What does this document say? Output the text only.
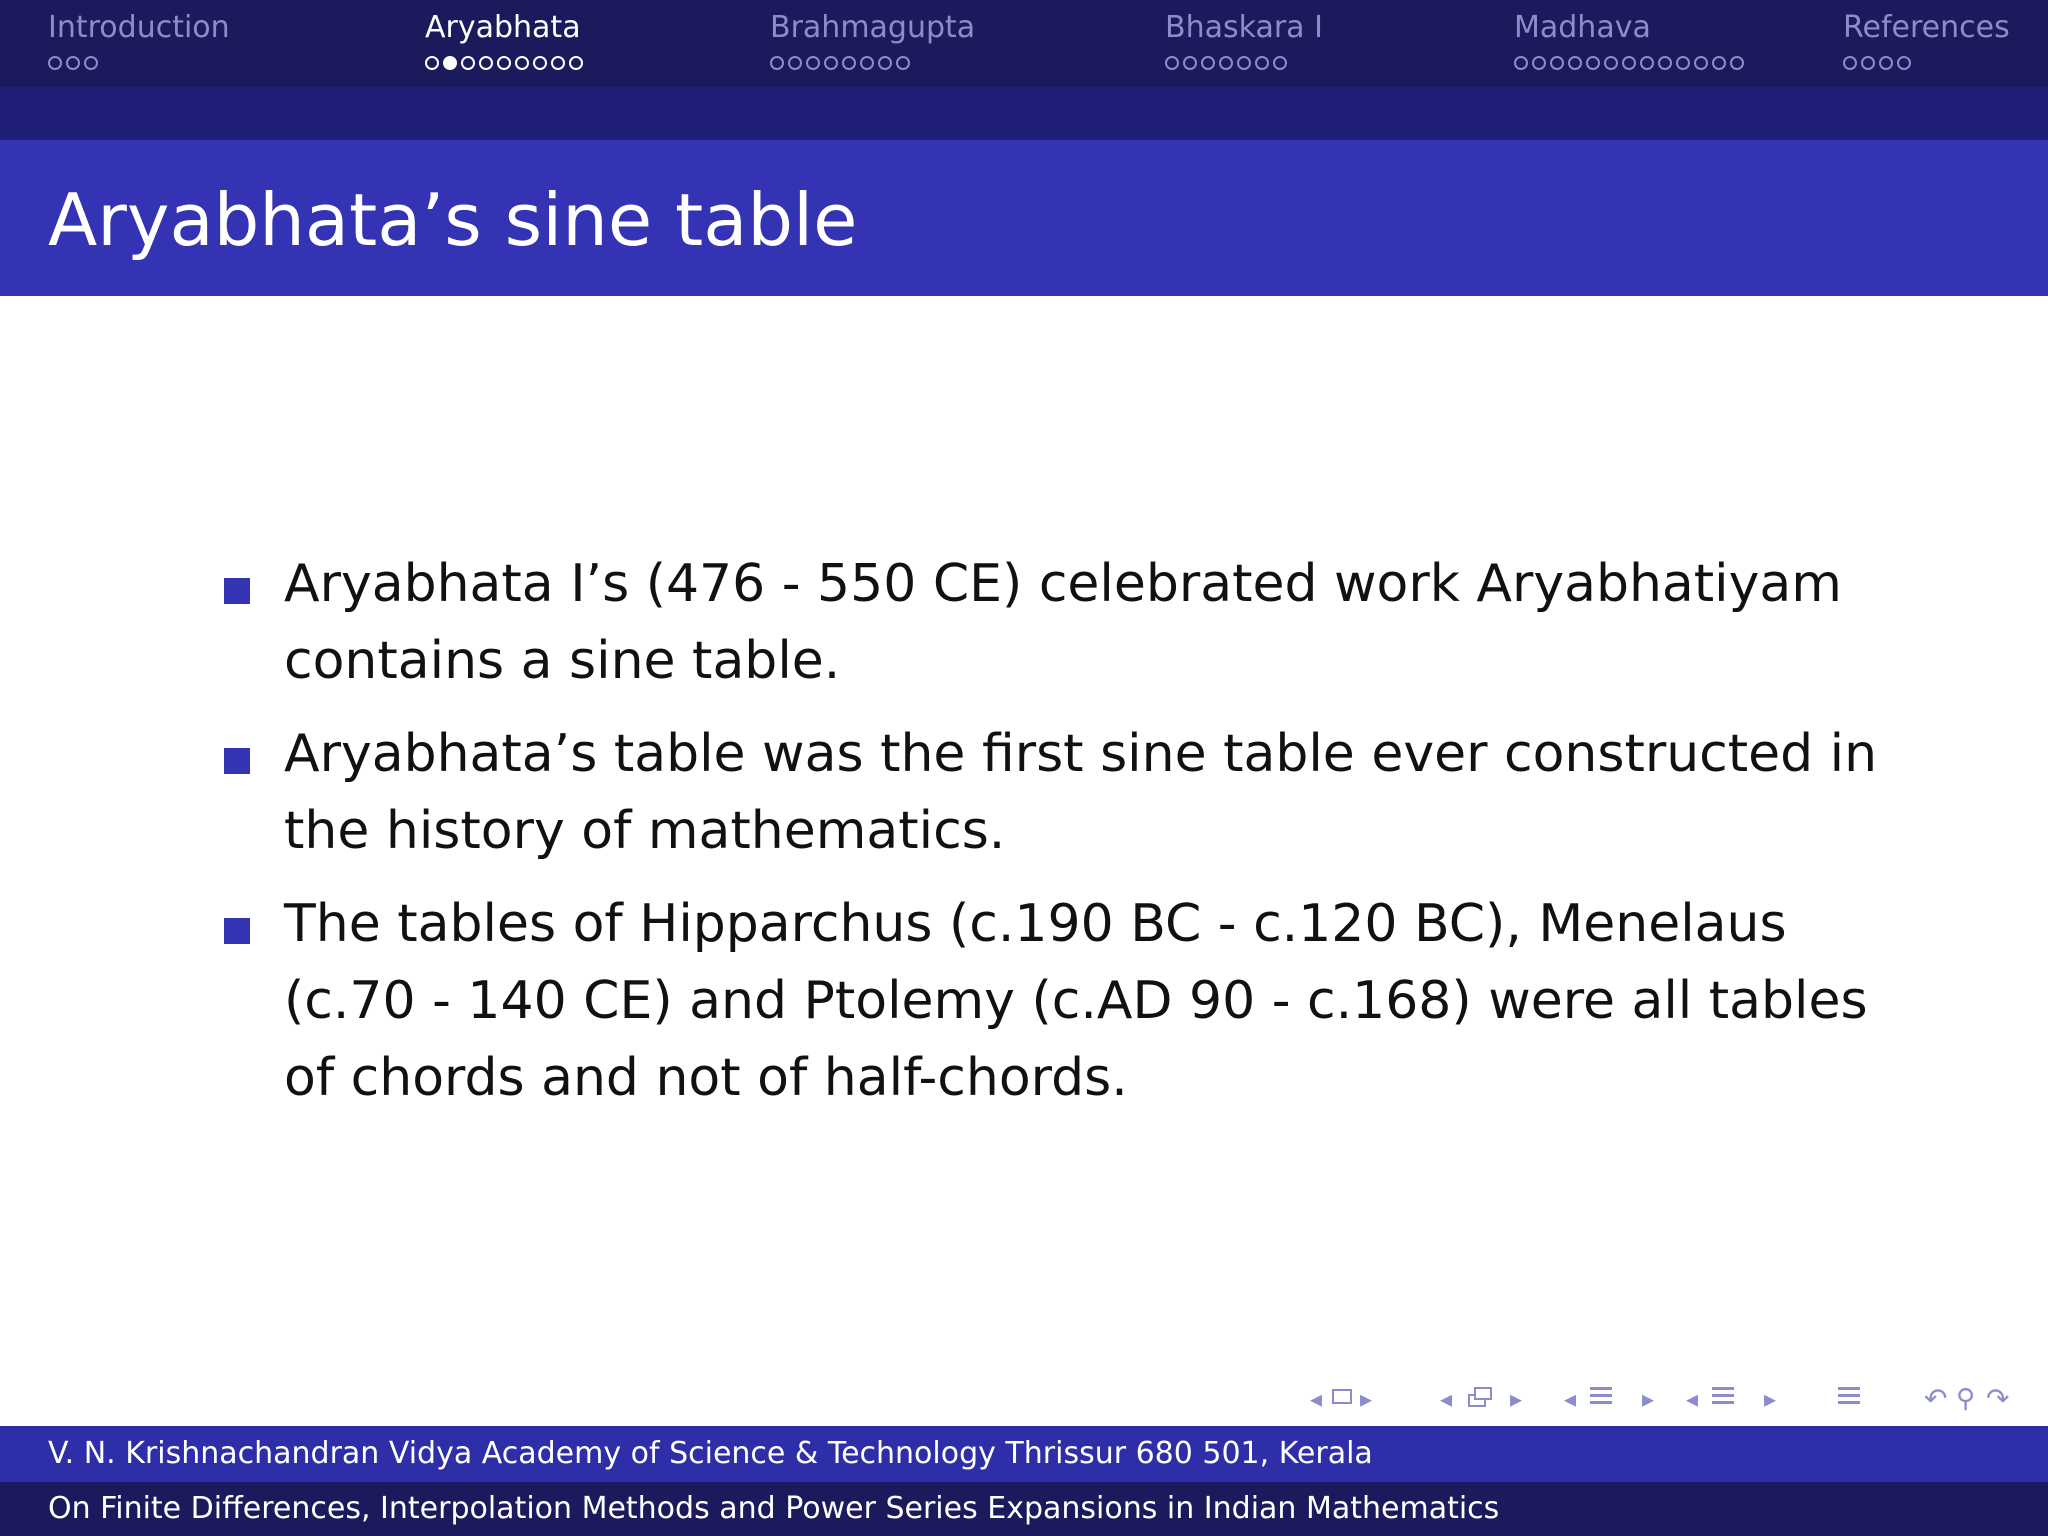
Introduction	Aryabhata	Brahmagupta	Bhaskara I	Madhava	References
Aryabhata’s sine table
Aryabhata I’s (476 - 550 CE) celebrated work Aryabhatiyam contains a sine table.
Aryabhata’s table was the first sine table ever constructed in the history of mathematics.
The tables of Hipparchus (c.190 BC - c.120 BC), Menelaus (c.70 - 140 CE) and Ptolemy (c.AD 90 - c.168) were all tables of chords and not of half-chords.
◂ ▸	◂ ▸ ◂	▸ ◂	▸	↶ ⚲ ↷
V. N. Krishnachandran Vidya Academy of Science & Technology Thrissur 680 501, Kerala
On Finite Differences, Interpolation Methods and Power Series Expansions in Indian Mathematics
